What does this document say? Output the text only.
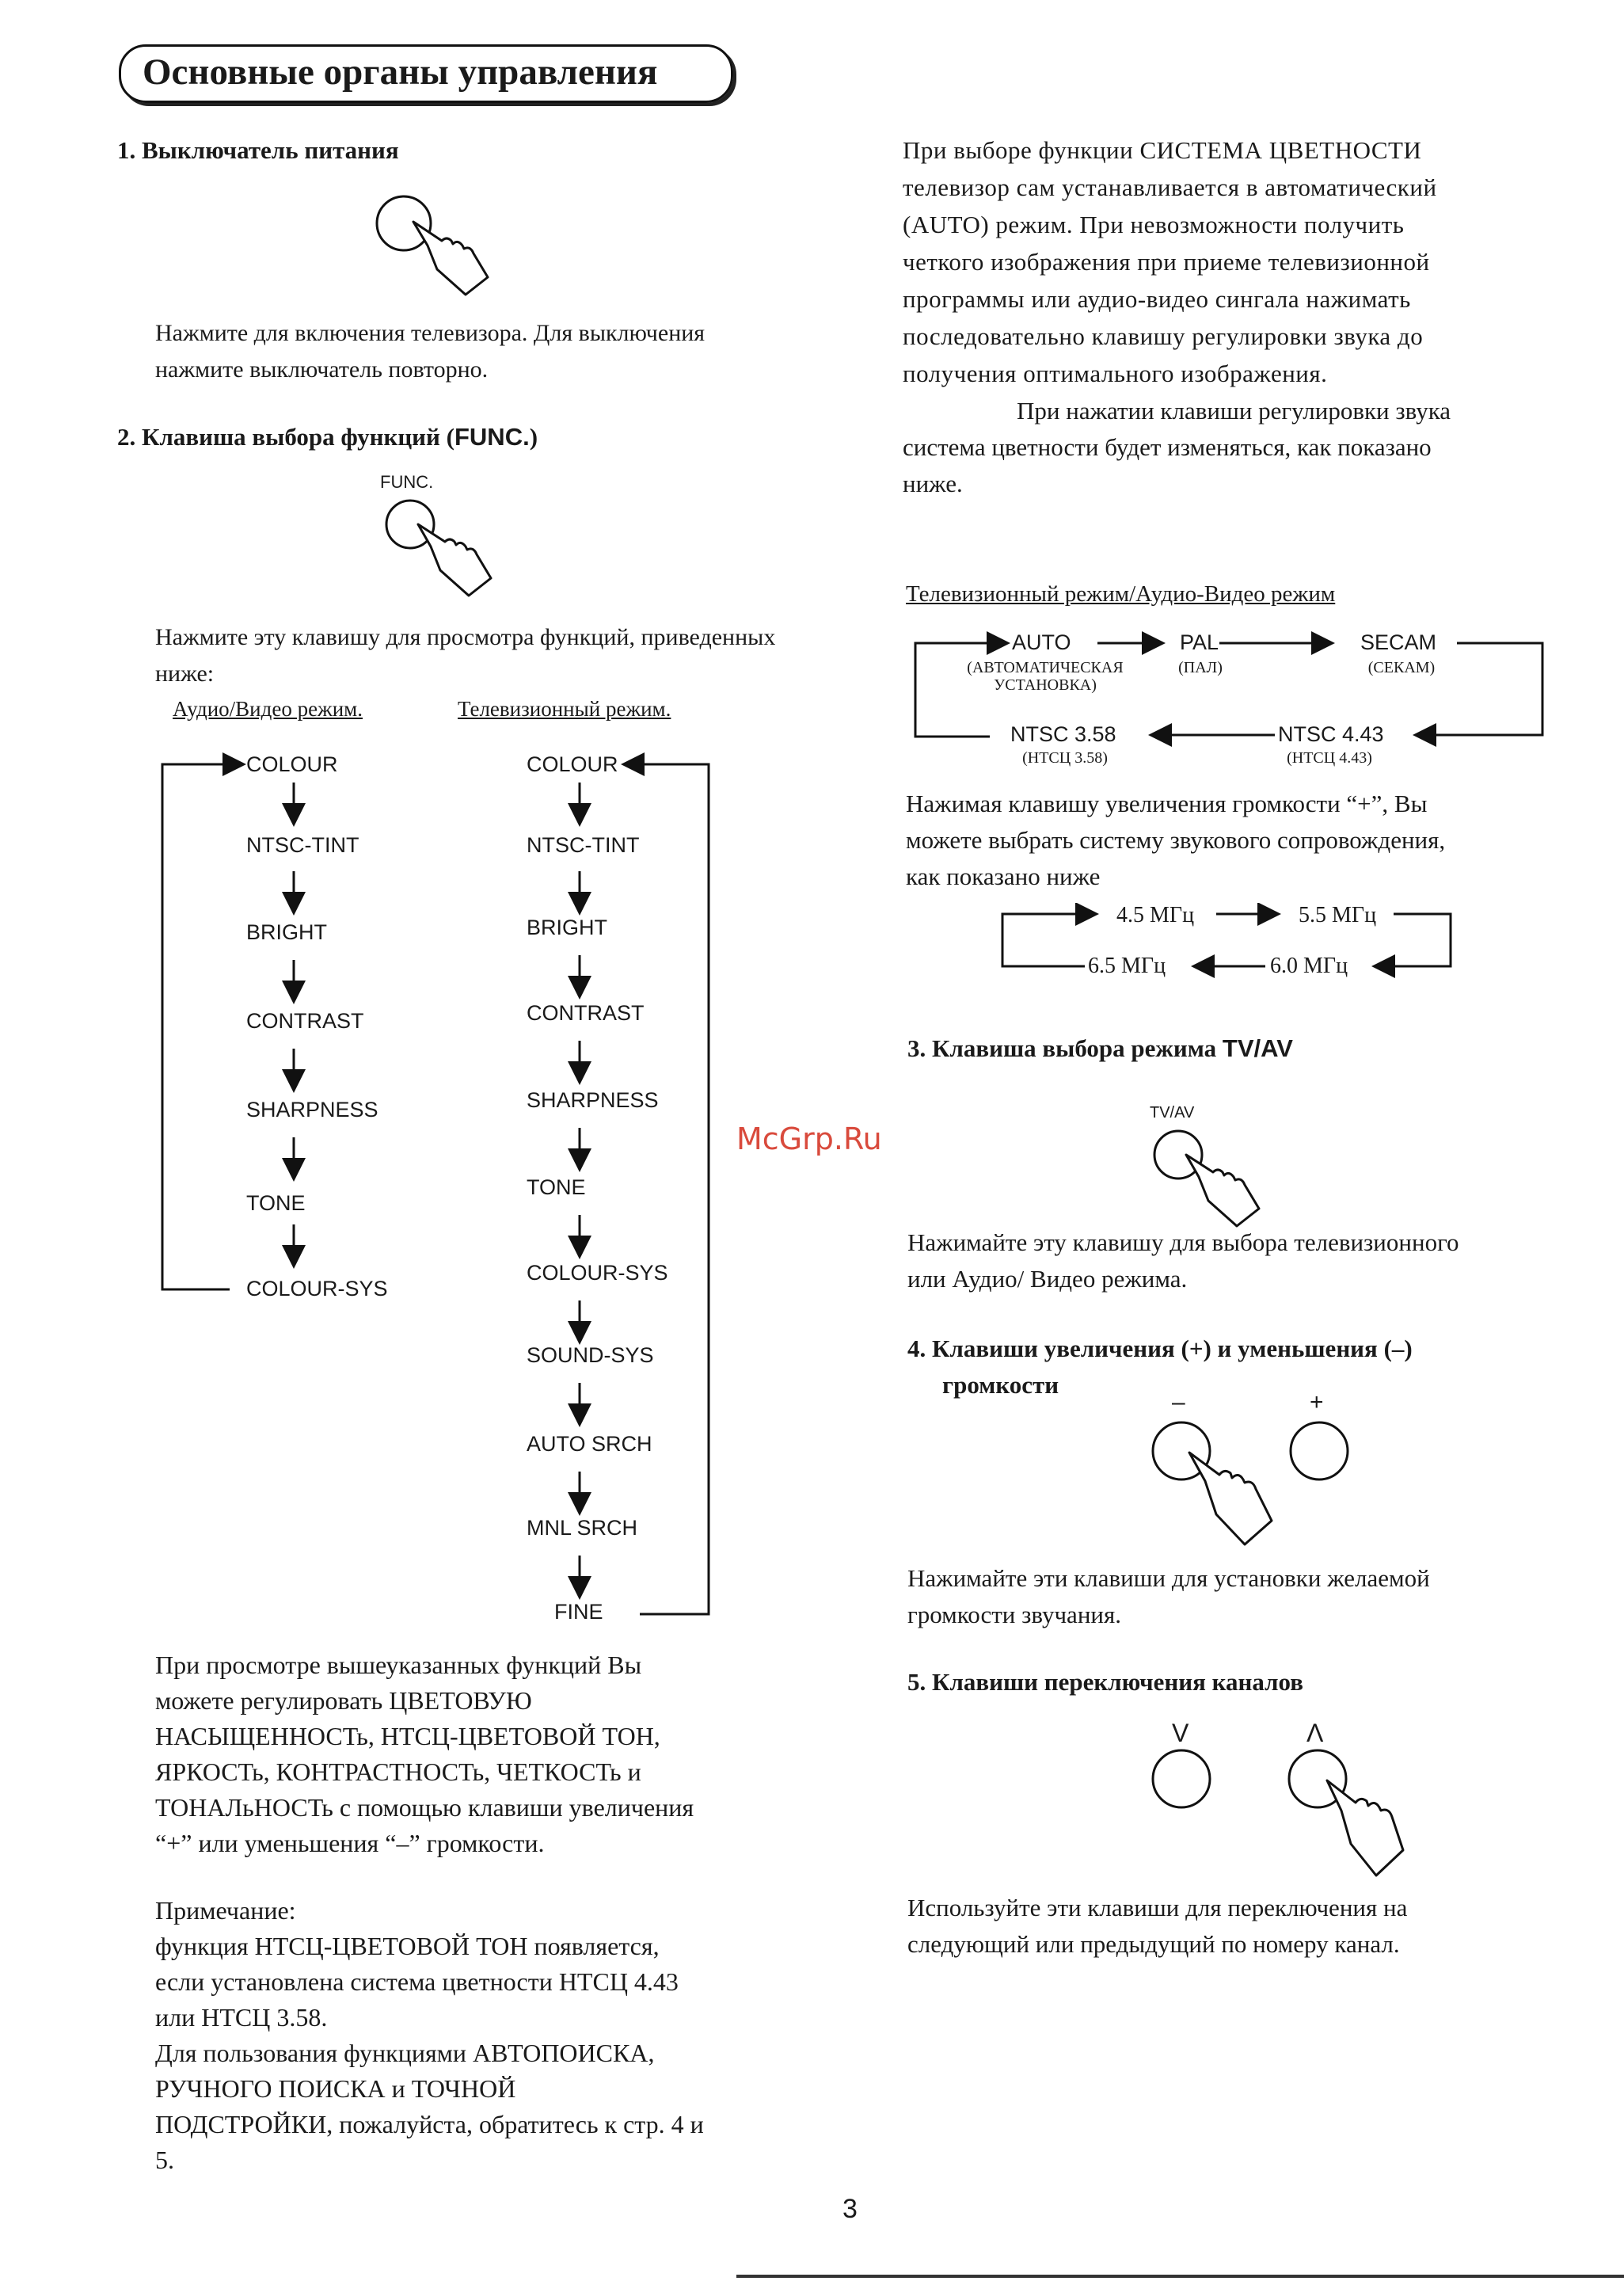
Основные органы управления
1. Выключатель питания
Нажмите для включения телевизора. Для выключения нажмите выключатель повторно.
2. Клавиша выбора функций (FUNC.)
FUNC.
Нажмите эту клавишу для просмотра функций, приведенных ниже:
Аудио/Видео режим.	Телевизионный режим.
COLOUR
NTSC-TINT
BRIGHT
CONTRAST
SHARPNESS
TONE
COLOUR-SYS
COLOUR
NTSC-TINT
BRIGHT
CONTRAST
SHARPNESS
TONE
COLOUR-SYS
SOUND-SYS
AUTO SRCH
MNL SRCH
FINE
При просмотре вышеуказанных функций Вы
можете регулировать ЦВЕТОВУЮ
НАСЫЩЕННОСТь, НТСЦ-ЦВЕТОВОЙ ТОН,
ЯРКОСТь, КОНТРАСТНОСТь, ЧЕТКОСТь и
ТОНАЛьНОСТь с помощью клавиши увеличения
“+” или уменьшения “–” громкости.
Примечание:
функция НТСЦ-ЦВЕТОВОЙ ТОН появляется,
если установлена система цветности НТСЦ 4.43
или НТСЦ 3.58.
Для пользования функциями АВТОПОИСКА,
РУЧНОГО ПОИСКА и ТОЧНОЙ
ПОДСТРОЙКИ, пожалуйста, обратитесь к стр. 4 и
5.
При выборе функции СИСТЕМА ЦВЕТНОСТИ
телевизор сам устанавливается в автоматический
(AUTO) режим. При невозможности получить
четкого изображения при приеме телевизионной
программы или аудио-видео сингала нажимать
последовательно клавишу регулировки звука до
получения оптимального изображения.
При нажатии клавиши регулировки звука
система цветности будет изменяться, как показано
ниже.
Телевизионный режим/Аудио-Видео режим
AUTO
(АВТОМАТИЧЕСКАЯ
УСТАНОВКА)
PAL
(ПАЛ)
SECAM
(СЕКАМ)
NTSC 4.43
(НТСЦ 4.43)
NTSC 3.58
(НТСЦ 3.58)
Нажимая клавишу увеличения громкости “+”, Вы
можете выбрать систему звукового сопровождения,
как показано ниже
4.5 МГц	5.5 МГц
6.0 МГц
6.5 МГц
3. Клавиша выбора режима TV/AV
TV/AV
Нажимайте эту клавишу для выбора телевизионного
или Аудио/ Видео режима.
4. Клавиши увеличения (+) и уменьшения (–)
громкости
–	+
Нажимайте эти клавиши для установки желаемой
громкости звучания.
5. Клавиши переключения каналов
V	Λ
Используйте эти клавиши для переключения на
следующий или предыдущий по номеру канал.
McGrp.Ru
3
